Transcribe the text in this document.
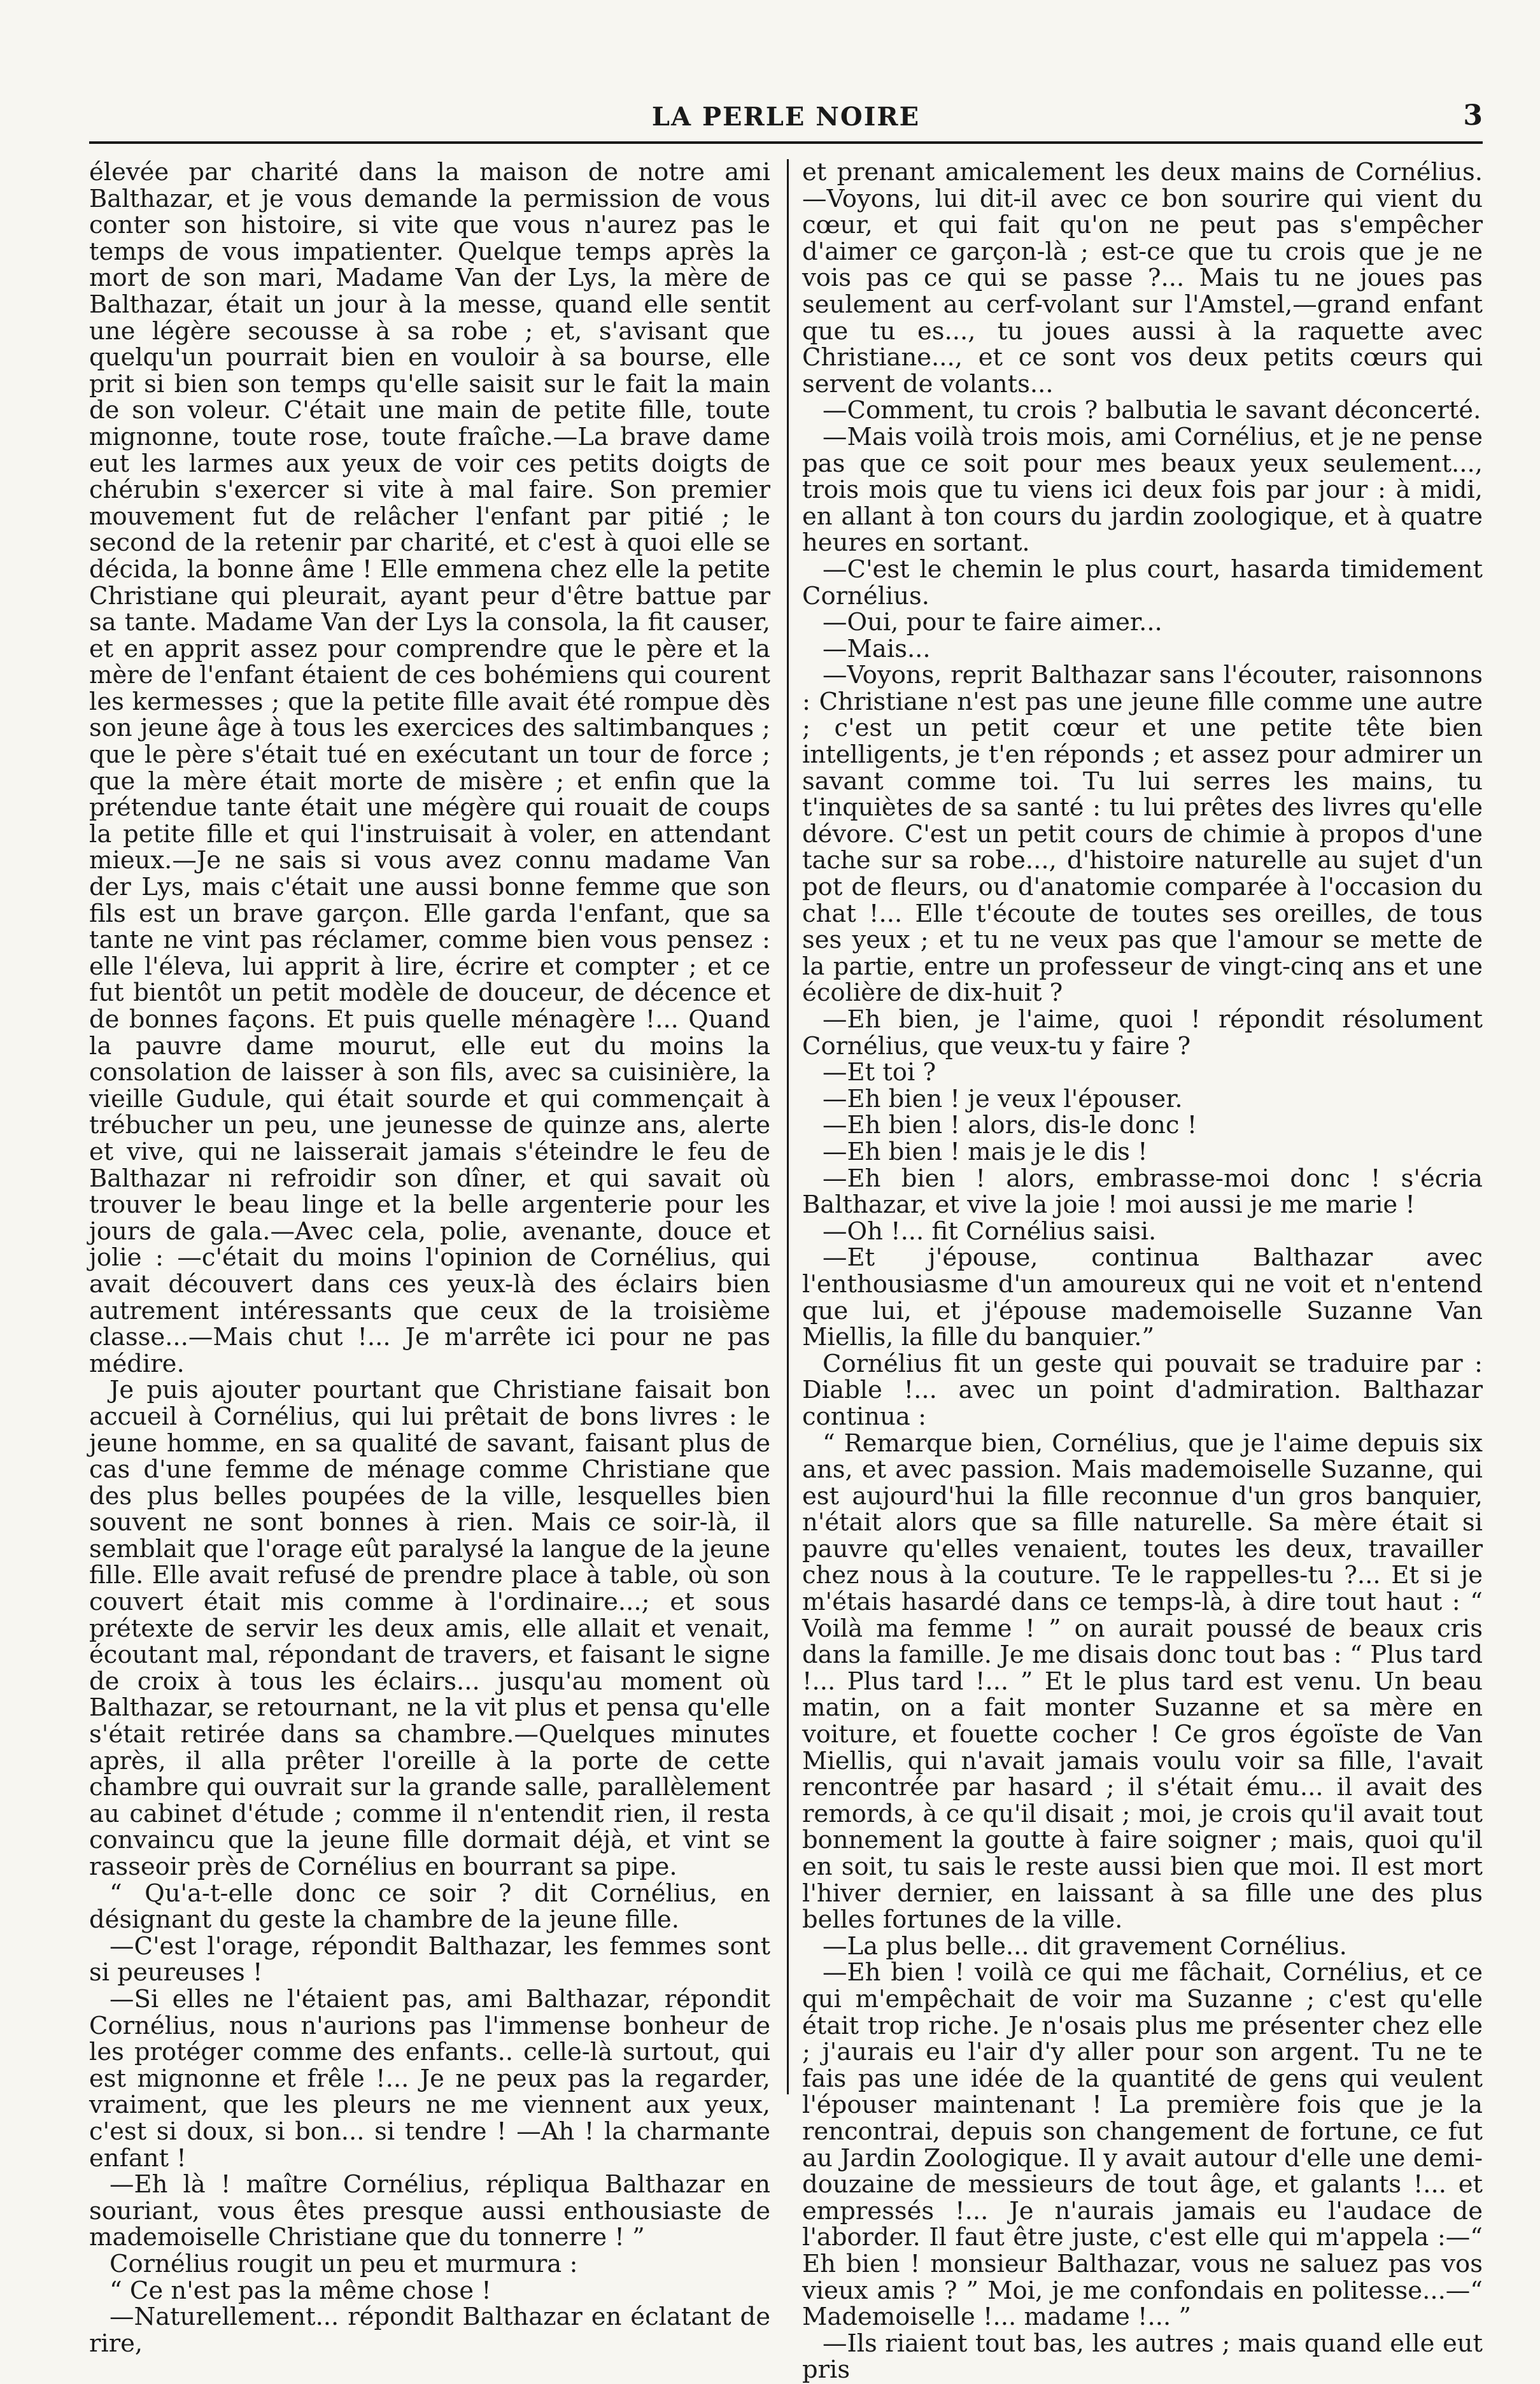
LA PERLE NOIRE	3

élevée par charité dans la maison de notre ami Balthazar, et je vous demande la permission de vous conter son histoire, si vite que vous n'aurez pas le temps de vous impatienter. Quelque temps après la mort de son mari, Madame Van der Lys, la mère de Balthazar, était un jour à la messe, quand elle sentit une légère secousse à sa robe ; et, s'avisant que quelqu'un pourrait bien en vouloir à sa bourse, elle prit si bien son temps qu'elle saisit sur le fait la main de son voleur. C'était une main de petite fille, toute mignonne, toute rose, toute fraîche.—La brave dame eut les larmes aux yeux de voir ces petits doigts de chérubin s'exercer si vite à mal faire. Son premier mouvement fut de relâcher l'enfant par pitié ; le second de la retenir par charité, et c'est à quoi elle se décida, la bonne âme ! Elle emmena chez elle la petite Christiane qui pleurait, ayant peur d'être battue par sa tante. Madame Van der Lys la consola, la fit causer, et en apprit assez pour comprendre que le père et la mère de l'enfant étaient de ces bohémiens qui courent les kermesses ; que la petite fille avait été rompue dès son jeune âge à tous les exercices des saltimbanques ; que le père s'était tué en exécutant un tour de force ; que la mère était morte de misère ; et enfin que la prétendue tante était une mégère qui rouait de coups la petite fille et qui l'instruisait à voler, en attendant mieux.—Je ne sais si vous avez connu madame Van der Lys, mais c'était une aussi bonne femme que son fils est un brave garçon. Elle garda l'enfant, que sa tante ne vint pas réclamer, comme bien vous pensez : elle l'éleva, lui apprit à lire, écrire et compter ; et ce fut bientôt un petit modèle de douceur, de décence et de bonnes façons. Et puis quelle ménagère !... Quand la pauvre dame mourut, elle eut du moins la consolation de laisser à son fils, avec sa cuisinière, la vieille Gudule, qui était sourde et qui commençait à trébucher un peu, une jeunesse de quinze ans, alerte et vive, qui ne laisserait jamais s'éteindre le feu de Balthazar ni refroidir son dîner, et qui savait où trouver le beau linge et la belle argenterie pour les jours de gala.—Avec cela, polie, avenante, douce et jolie : —c'était du moins l'opinion de Cornélius, qui avait découvert dans ces yeux-là des éclairs bien autrement intéressants que ceux de la troisième classe...—Mais chut !... Je m'arrête ici pour ne pas médire.

Je puis ajouter pourtant que Christiane faisait bon accueil à Cornélius, qui lui prêtait de bons livres : le jeune homme, en sa qualité de savant, faisant plus de cas d'une femme de ménage comme Christiane que des plus belles poupées de la ville, lesquelles bien souvent ne sont bonnes à rien. Mais ce soir-là, il semblait que l'orage eût paralysé la langue de la jeune fille. Elle avait refusé de prendre place à table, où son couvert était mis comme à l'ordinaire...; et sous prétexte de servir les deux amis, elle allait et venait, écoutant mal, répondant de travers, et faisant le signe de croix à tous les éclairs... jusqu'au moment où Balthazar, se retournant, ne la vit plus et pensa qu'elle s'était retirée dans sa chambre.—Quelques minutes après, il alla prêter l'oreille à la porte de cette chambre qui ouvrait sur la grande salle, parallèlement au cabinet d'étude ; comme il n'entendit rien, il resta convaincu que la jeune fille dormait déjà, et vint se rasseoir près de Cornélius en bourrant sa pipe.

“ Qu'a-t-elle donc ce soir ? dit Cornélius, en désignant du geste la chambre de la jeune fille.

—C'est l'orage, répondit Balthazar, les femmes sont si peureuses !

—Si elles ne l'étaient pas, ami Balthazar, répondit Cornélius, nous n'aurions pas l'immense bonheur de les protéger comme des enfants.. celle-là surtout, qui est mignonne et frêle !... Je ne peux pas la regarder, vraiment, que les pleurs ne me viennent aux yeux, c'est si doux, si bon... si tendre ! —Ah ! la charmante enfant !

—Eh là ! maître Cornélius, répliqua Balthazar en souriant, vous êtes presque aussi enthousiaste de mademoiselle Christiane que du tonnerre ! ”

Cornélius rougit un peu et murmura :

“ Ce n'est pas la même chose !

—Naturellement... répondit Balthazar en éclatant de rire,

et prenant amicalement les deux mains de Cornélius.—Voyons, lui dit-il avec ce bon sourire qui vient du cœur, et qui fait qu'on ne peut pas s'empêcher d'aimer ce garçon-là ; est-ce que tu crois que je ne vois pas ce qui se passe ?... Mais tu ne joues pas seulement au cerf-volant sur l'Amstel,—grand enfant que tu es..., tu joues aussi à la raquette avec Christiane..., et ce sont vos deux petits cœurs qui servent de volants...

—Comment, tu crois ? balbutia le savant déconcerté.

—Mais voilà trois mois, ami Cornélius, et je ne pense pas que ce soit pour mes beaux yeux seulement..., trois mois que tu viens ici deux fois par jour : à midi, en allant à ton cours du jardin zoologique, et à quatre heures en sortant.

—C'est le chemin le plus court, hasarda timidement Cornélius.

—Oui, pour te faire aimer...

—Mais...

—Voyons, reprit Balthazar sans l'écouter, raisonnons : Christiane n'est pas une jeune fille comme une autre ; c'est un petit cœur et une petite tête bien intelligents, je t'en réponds ; et assez pour admirer un savant comme toi. Tu lui serres les mains, tu t'inquiètes de sa santé : tu lui prêtes des livres qu'elle dévore. C'est un petit cours de chimie à propos d'une tache sur sa robe..., d'histoire naturelle au sujet d'un pot de fleurs, ou d'anatomie comparée à l'occasion du chat !... Elle t'écoute de toutes ses oreilles, de tous ses yeux ; et tu ne veux pas que l'amour se mette de la partie, entre un professeur de vingt-cinq ans et une écolière de dix-huit ?

—Eh bien, je l'aime, quoi ! répondit résolument Cornélius, que veux-tu y faire ?

—Et toi ?

—Eh bien ! je veux l'épouser.

—Eh bien ! alors, dis-le donc !

—Eh bien ! mais je le dis !

—Eh bien ! alors, embrasse-moi donc ! s'écria Balthazar, et vive la joie ! moi aussi je me marie !

—Oh !... fit Cornélius saisi.

—Et j'épouse, continua Balthazar avec l'enthousiasme d'un amoureux qui ne voit et n'entend que lui, et j'épouse mademoiselle Suzanne Van Miellis, la fille du banquier.”

Cornélius fit un geste qui pouvait se traduire par : Diable !... avec un point d'admiration. Balthazar continua :

“ Remarque bien, Cornélius, que je l'aime depuis six ans, et avec passion. Mais mademoiselle Suzanne, qui est aujourd'hui la fille reconnue d'un gros banquier, n'était alors que sa fille naturelle. Sa mère était si pauvre qu'elles venaient, toutes les deux, travailler chez nous à la couture. Te le rappelles-tu ?... Et si je m'étais hasardé dans ce temps-là, à dire tout haut : “ Voilà ma femme ! ” on aurait poussé de beaux cris dans la famille. Je me disais donc tout bas : “ Plus tard !... Plus tard !... ” Et le plus tard est venu. Un beau matin, on a fait monter Suzanne et sa mère en voiture, et fouette cocher ! Ce gros égoïste de Van Miellis, qui n'avait jamais voulu voir sa fille, l'avait rencontrée par hasard ; il s'était ému... il avait des remords, à ce qu'il disait ; moi, je crois qu'il avait tout bonnement la goutte à faire soigner ; mais, quoi qu'il en soit, tu sais le reste aussi bien que moi. Il est mort l'hiver dernier, en laissant à sa fille une des plus belles fortunes de la ville.

—La plus belle... dit gravement Cornélius.

—Eh bien ! voilà ce qui me fâchait, Cornélius, et ce qui m'empêchait de voir ma Suzanne ; c'est qu'elle était trop riche. Je n'osais plus me présenter chez elle ; j'aurais eu l'air d'y aller pour son argent. Tu ne te fais pas une idée de la quantité de gens qui veulent l'épouser maintenant ! La première fois que je la rencontrai, depuis son changement de fortune, ce fut au Jardin Zoologique. Il y avait autour d'elle une demi-douzaine de messieurs de tout âge, et galants !... et empressés !... Je n'aurais jamais eu l'audace de l'aborder. Il faut être juste, c'est elle qui m'appela :—“ Eh bien ! monsieur Balthazar, vous ne saluez pas vos vieux amis ? ” Moi, je me confondais en politesse...—“ Mademoiselle !... madame !... ”

—Ils riaient tout bas, les autres ; mais quand elle eut pris
